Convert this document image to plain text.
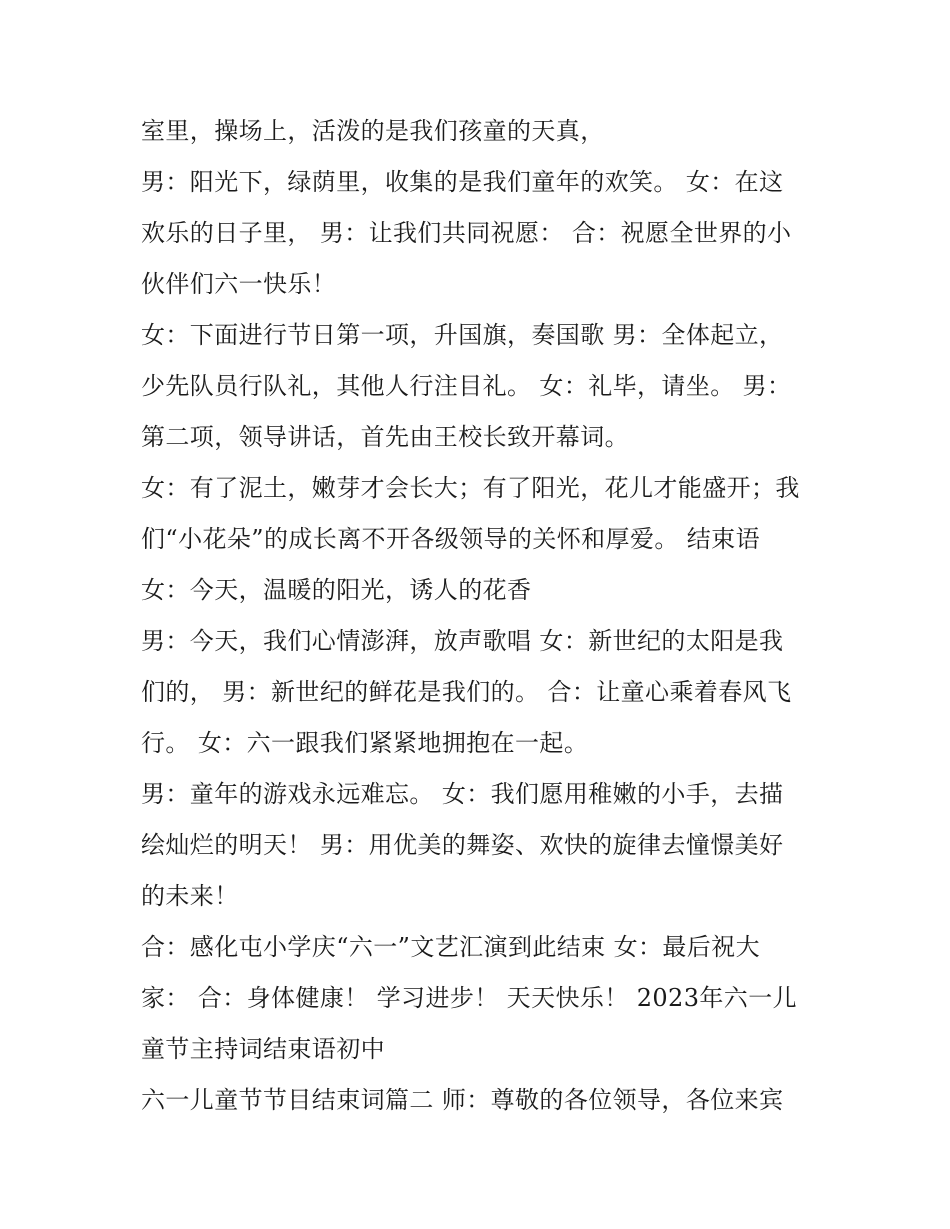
室里，操场上，活泼的是我们孩童的天真，
男：阳光下，绿荫里，收集的是我们童年的欢笑。 女：在这
欢乐的日子里， 男：让我们共同祝愿： 合：祝愿全世界的小
伙伴们六一快乐！
女：下面进行节日第一项，升国旗，奏国歌 男：全体起立，
少先队员行队礼，其他人行注目礼。 女：礼毕，请坐。 男：
第二项，领导讲话，首先由王校长致开幕词。
女：有了泥土，嫩芽才会长大；有了阳光，花儿才能盛开；我
们“小花朵”的成长离不开各级领导的关怀和厚爱。 结束语
女：今天，温暖的阳光，诱人的花香
男：今天，我们心情澎湃，放声歌唱 女：新世纪的太阳是我
们的， 男：新世纪的鲜花是我们的。 合：让童心乘着春风飞
行。 女：六一跟我们紧紧地拥抱在一起。
男：童年的游戏永远难忘。 女：我们愿用稚嫩的小手，去描
绘灿烂的明天！ 男：用优美的舞姿、欢快的旋律去憧憬美好
的未来！
合：感化屯小学庆“六一”文艺汇演到此结束 女：最后祝大
家： 合：身体健康！ 学习进步！ 天天快乐！ 2023年六一儿
童节主持词结束语初中
六一儿童节节目结束词篇二 师：尊敬的各位领导，各位来宾
